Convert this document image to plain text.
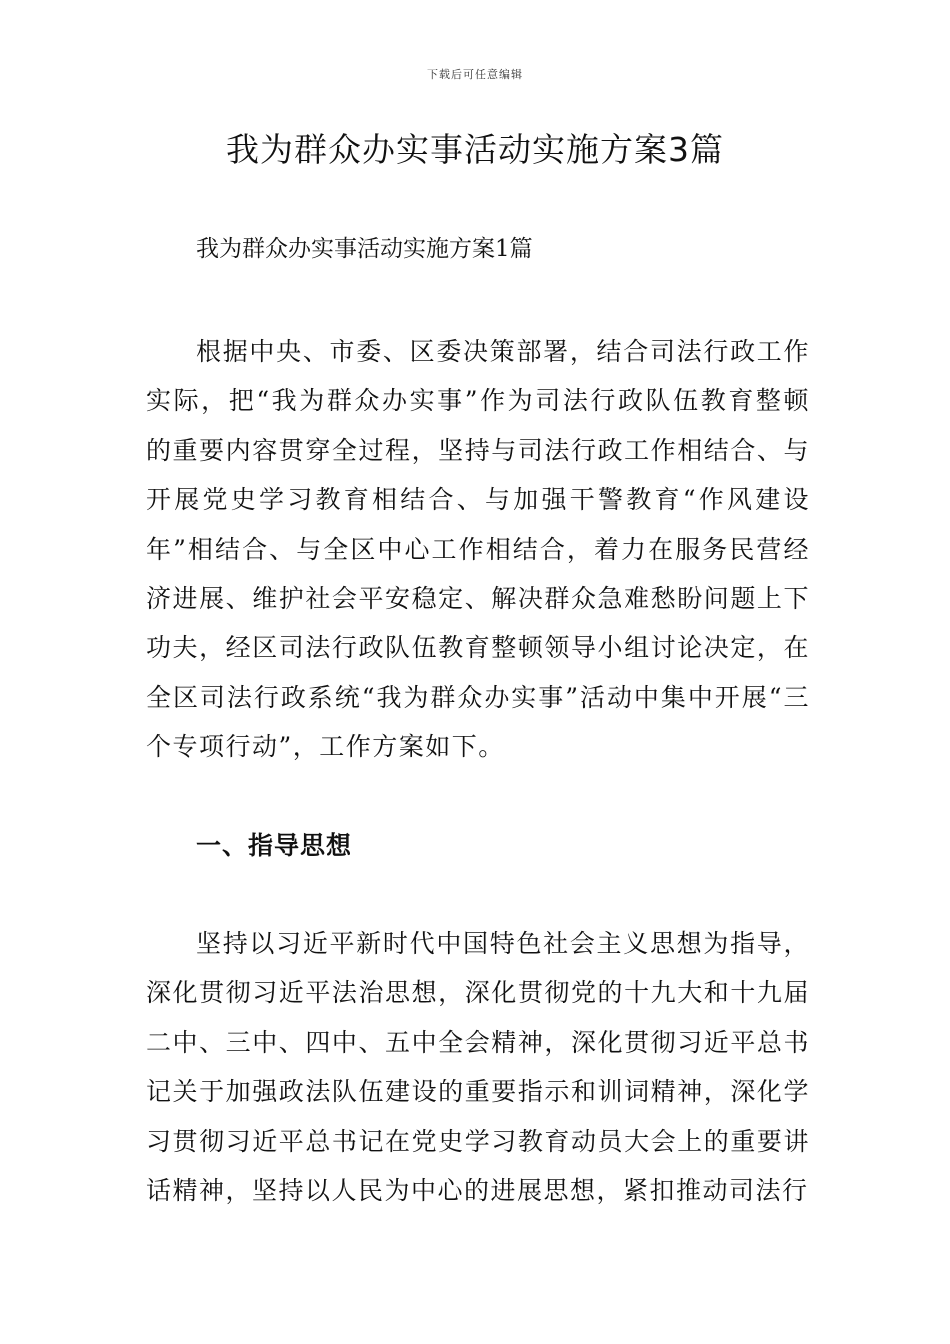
下载后可任意编辑
我为群众办实事活动实施方案3篇

我为群众办实事活动实施方案1篇

根据中央、市委、区委决策部署，结合司法行政工作实际，把“我为群众办实事”作为司法行政队伍教育整顿的重要内容贯穿全过程，坚持与司法行政工作相结合、与开展党史学习教育相结合、与加强干警教育“作风建设年”相结合、与全区中心工作相结合，着力在服务民营经济进展、维护社会平安稳定、解决群众急难愁盼问题上下功夫，经区司法行政队伍教育整顿领导小组讨论决定，在全区司法行政系统“我为群众办实事”活动中集中开展“三个专项行动”，工作方案如下。

一、指导思想

坚持以习近平新时代中国特色社会主义思想为指导，深化贯彻习近平法治思想，深化贯彻党的十九大和十九届二中、三中、四中、五中全会精神，深化贯彻习近平总书记关于加强政法队伍建设的重要指示和训词精神，深化学习贯彻习近平总书记在党史学习教育动员大会上的重要讲话精神，坚持以人民为中心的进展思想，紧扣推动司法行
